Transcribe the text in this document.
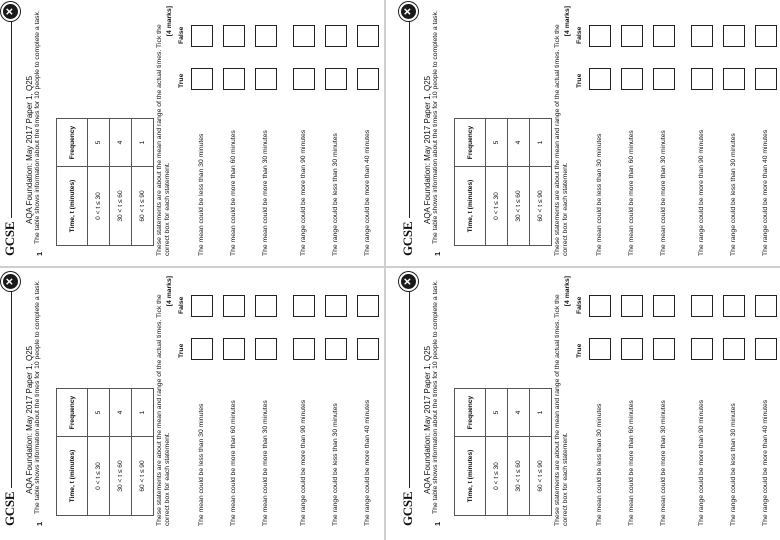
GCSE
✕
AQA Foundation: May 2017 Paper 1, Q25
1
The table shows information about the times for 10 people to complete a task.	Time, t (minutes)	Frequency
0 < t ≤ 30	5
30 < t ≤ 60	4
60 < t ≤ 90	1 These statements are about the mean and range of the actual times. Tick the correct box for each statement.
[4 marks]
True
False
The mean could be less than 30 minutes	The mean could be more than 60 minutes	The mean could be more than 30 minutes	The range could be more than 90 minutes	The range could be less than 30 minutes	The range could be more than 40 minutes GCSE
✕
AQA Foundation: May 2017 Paper 1, Q25
1
The table shows information about the times for 10 people to complete a task.	Time, t (minutes)	Frequency
0 < t ≤ 30	5
30 < t ≤ 60	4
60 < t ≤ 90	1 These statements are about the mean and range of the actual times. Tick the correct box for each statement.
[4 marks]
True
False
The mean could be less than 30 minutes	The mean could be more than 60 minutes	The mean could be more than 30 minutes	The range could be more than 90 minutes	The range could be less than 30 minutes	The range could be more than 40 minutes
GCSE
✕
AQA Foundation: May 2017 Paper 1, Q25
1
The table shows information about the times for 10 people to complete a task.	Time, t (minutes)	Frequency
0 < t ≤ 30	5
30 < t ≤ 60	4
60 < t ≤ 90	1 These statements are about the mean and range of the actual times. Tick the correct box for each statement.
[4 marks]
True
False
The mean could be less than 30 minutes	The mean could be more than 60 minutes	The mean could be more than 30 minutes	The range could be more than 90 minutes	The range could be less than 30 minutes	The range could be more than 40 minutes GCSE
✕
AQA Foundation: May 2017 Paper 1, Q25
1
The table shows information about the times for 10 people to complete a task.	Time, t (minutes)	Frequency
0 < t ≤ 30	5
30 < t ≤ 60	4
60 < t ≤ 90	1 These statements are about the mean and range of the actual times. Tick the correct box for each statement.
[4 marks]
True
False
The mean could be less than 30 minutes	The mean could be more than 60 minutes	The mean could be more than 30 minutes	The range could be more than 90 minutes	The range could be less than 30 minutes	The range could be more than 40 minutes
